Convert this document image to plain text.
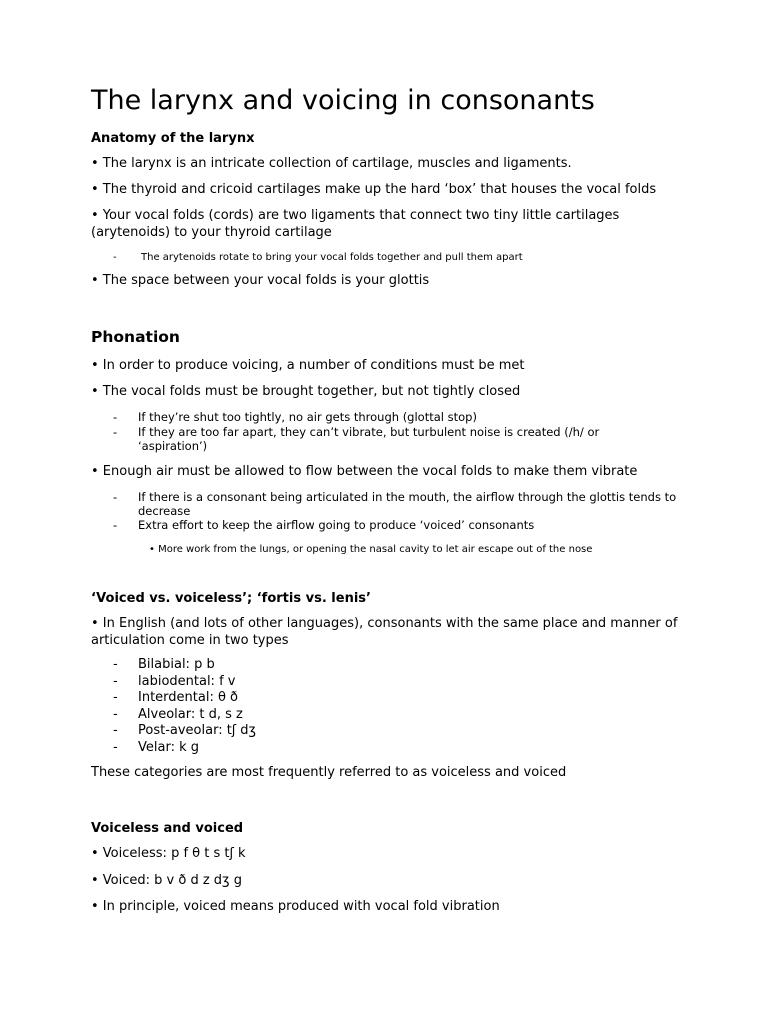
The larynx and voicing in consonants
Anatomy of the larynx
• The larynx is an intricate collection of cartilage, muscles and ligaments.
• The thyroid and cricoid cartilages make up the hard ‘box’ that houses the vocal folds
• Your vocal folds (cords) are two ligaments that connect two tiny little cartilages (arytenoids) to your thyroid cartilage
- The arytenoids rotate to bring your vocal folds together and pull them apart
• The space between your vocal folds is your glottis
Phonation
• In order to produce voicing, a number of conditions must be met
• The vocal folds must be brought together, but not tightly closed
- If they’re shut too tightly, no air gets through (glottal stop)
- If they are too far apart, they can’t vibrate, but turbulent noise is created (/h/ or ‘aspiration’)
• Enough air must be allowed to flow between the vocal folds to make them vibrate
- If there is a consonant being articulated in the mouth, the airflow through the glottis tends to decrease
- Extra effort to keep the airflow going to produce ‘voiced’ consonants
• More work from the lungs, or opening the nasal cavity to let air escape out of the nose
‘Voiced vs. voiceless’; ‘fortis vs. lenis’
• In English (and lots of other languages), consonants with the same place and manner of articulation come in two types
- Bilabial: p b
- labiodental: f v
- Interdental: θ ð
- Alveolar: t d, s z
- Post-aveolar: tʃ dʒ
- Velar: k g
These categories are most frequently referred to as voiceless and voiced
Voiceless and voiced
• Voiceless: p f θ t s tʃ k
• Voiced: b v ð d z dʒ g
• In principle, voiced means produced with vocal fold vibration
